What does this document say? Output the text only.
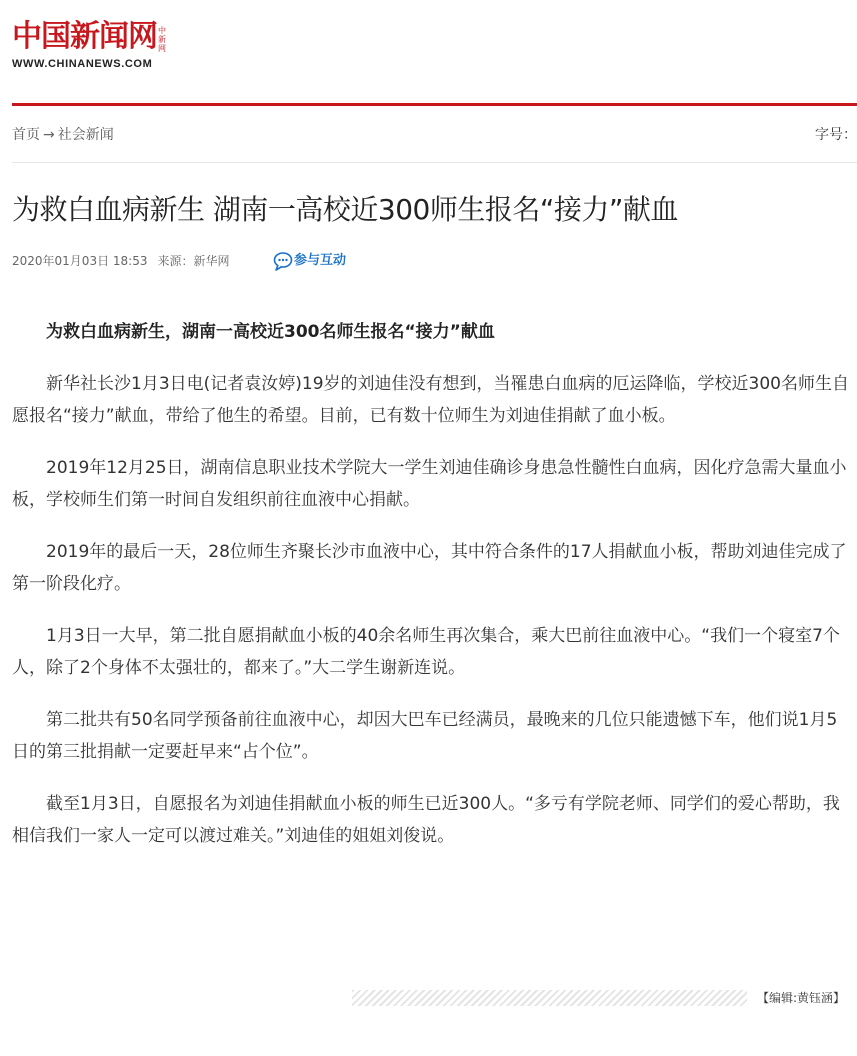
中国新闻网 中新网
WWW.CHINANEWS.COM
首页 → 社会新闻	字号：
为救白血病新生 湖南一高校近300师生报名“接力”献血
2020年01月03日 18:53 来源：新华网	参与互动

为救白血病新生，湖南一高校近300名师生报名“接力”献血

新华社长沙1月3日电(记者袁汝婷)19岁的刘迪佳没有想到，当罹患白血病的厄运降临，学校近300名师生自愿报名“接力”献血，带给了他生的希望。目前，已有数十位师生为刘迪佳捐献了血小板。

2019年12月25日，湖南信息职业技术学院大一学生刘迪佳确诊身患急性髓性白血病，因化疗急需大量血小板，学校师生们第一时间自发组织前往血液中心捐献。

2019年的最后一天，28位师生齐聚长沙市血液中心，其中符合条件的17人捐献血小板，帮助刘迪佳完成了第一阶段化疗。

1月3日一大早，第二批自愿捐献血小板的40余名师生再次集合，乘大巴前往血液中心。“我们一个寝室7个人，除了2个身体不太强壮的，都来了。”大二学生谢新连说。

第二批共有50名同学预备前往血液中心，却因大巴车已经满员，最晚来的几位只能遗憾下车，他们说1月5日的第三批捐献一定要赶早来“占个位”。

截至1月3日，自愿报名为刘迪佳捐献血小板的师生已近300人。“多亏有学院老师、同学们的爱心帮助，我相信我们一家人一定可以渡过难关。”刘迪佳的姐姐刘俊说。

【编辑:黄钰涵】
